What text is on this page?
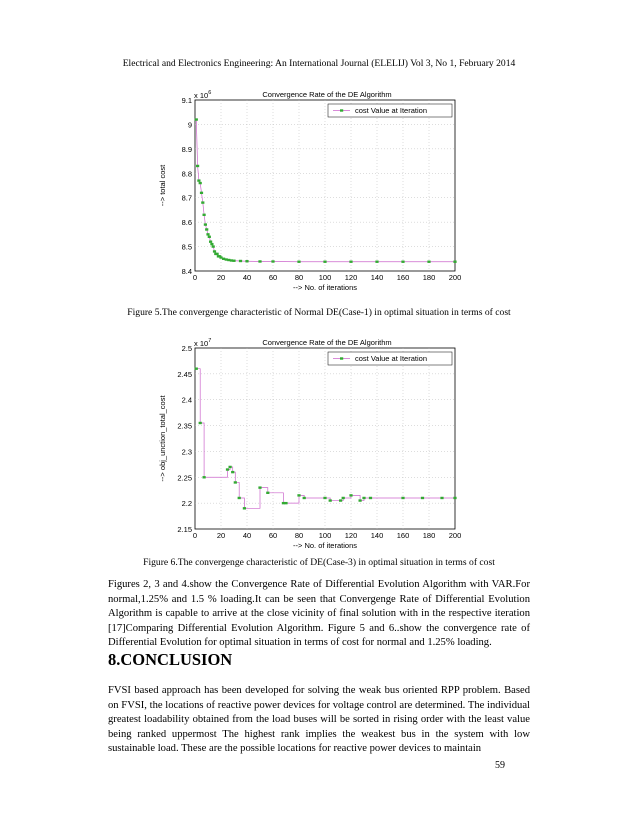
Electrical and Electronics Engineering: An International Journal (ELELIJ) Vol 3, No 1, February 2014
0	20 40 60 80 100 120 140 160 180 200
8.4
8.5
8.6
8.7
8.8
8.9
9
9.1
Convergence Rate of the DE Algorithm
x $10^6$
--> No. of iterations
--> total cost
cost Value at Iteration
Figure 5.The convergenge characteristic of Normal DE(Case-1) in optimal situation in terms of cost
0	20 40 60 80 100 120 140 160 180 200
2.15
2.2
2.25
2.3
2.35
2.4
2.45
2.5
Convergence Rate of the DE Algorithm
x $10^7$
--> No. of iterations
--> obj_unction_total_cost
cost Value at Iteration
Figure 6.The convergenge characteristic of DE(Case-3) in optimal situation in terms of cost

Figures 2, 3 and 4.show the Convergence Rate of Differential Evolution Algorithm with VAR.For normal,1.25% and 1.5 % loading.It can be seen that Convergenge Rate of Differential Evolution Algorithm is capable to arrive at the close vicinity of final solution with in the respective iteration [17]Comparing Differential Evolution Algorithm. Figure 5 and 6..show the convergence rate of Differential Evolution for optimal situation in terms of cost for normal and 1.25% loading.

8.CONCLUSION

FVSI based approach has been developed for solving the weak bus oriented RPP problem. Based on FVSI, the locations of reactive power devices for voltage control are determined. The individual greatest loadability obtained from the load buses will be sorted in rising order with the least value being ranked uppermost The highest rank implies the weakest bus in the system with low sustainable load. These are the possible locations for reactive power devices to maintain

59
